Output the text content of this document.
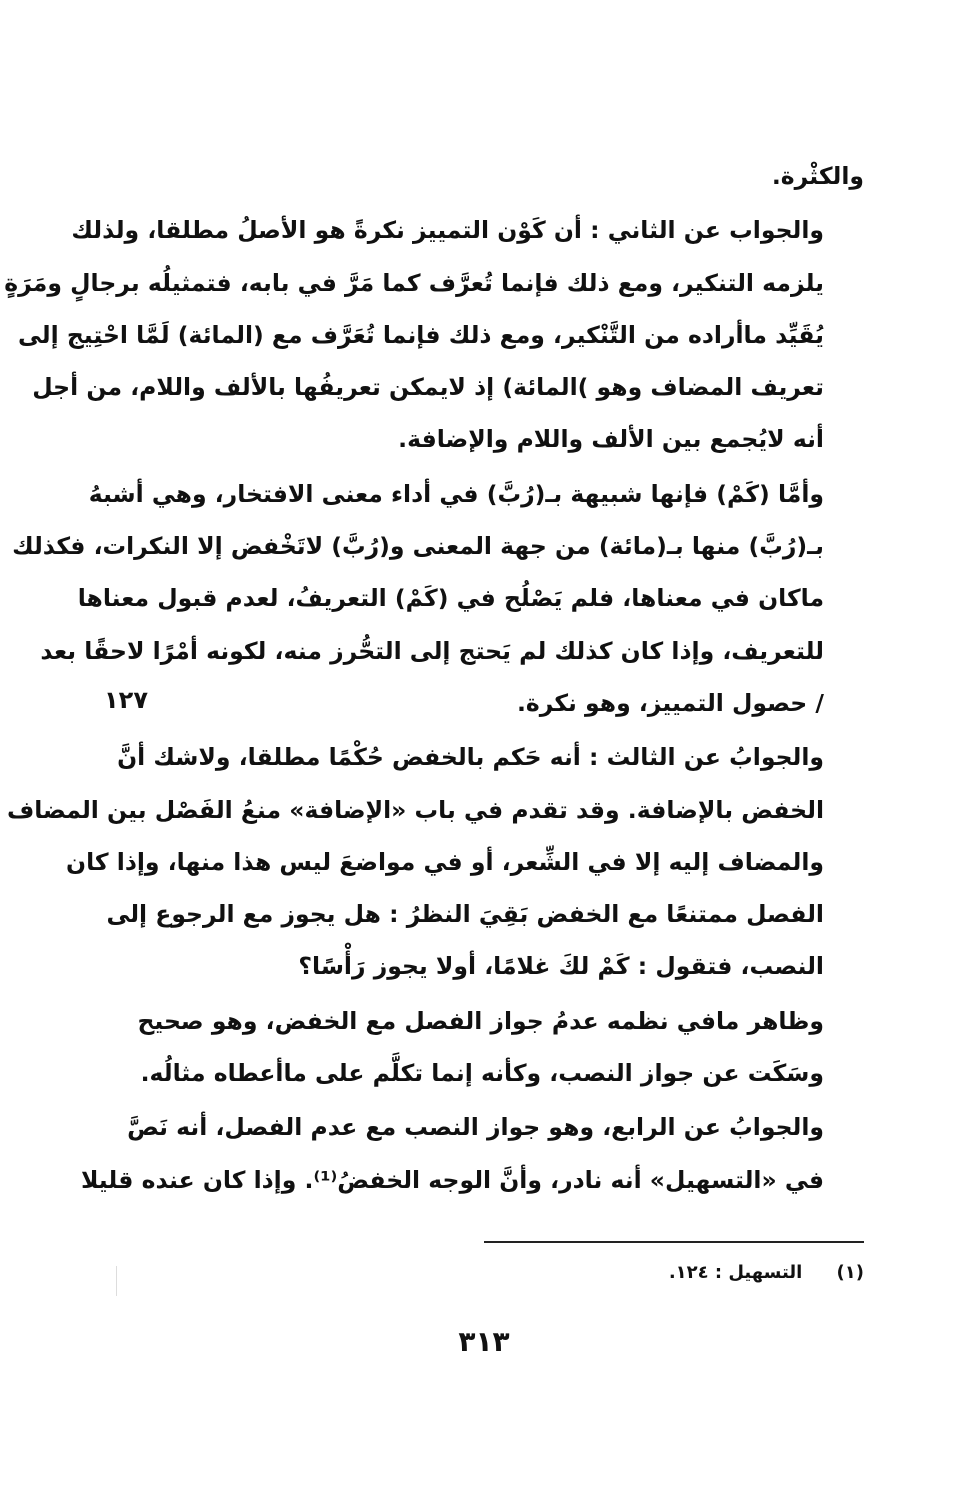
والكثْرة.
والجواب عن الثاني : أن كَوْن التمييز نكرةً هو الأصلُ مطلقا، ولذلك
يلزمه التنكير، ومع ذلك فإنما تُعرَّف كما مَرَّ في بابه، فتمثيلُه برجالٍ ومَرَةٍ
يُقَيِّد ماأراده من التَّنْكير، ومع ذلك فإنما تُعَرَّف مع (المائة) لَمَّا احْتِيج إلى
تعريف المضاف وهو )المائة) إذ لايمكن تعريفُها بالألف واللام، من أجل
أنه لايُجمع بين الألف واللام والإضافة.
وأمَّا (كَمْ) فإنها شبيهة بـ(رُبَّ) في أداء معنى الافتخار، وهي أشبهُ
بـ(رُبَّ) منها بـ(مائة) من جهة المعنى و(رُبَّ) لاتَخْفض إلا النكرات، فكذلك
ماكان في معناها، فلم يَصْلُح في (كَمْ) التعريفُ، لعدم قبول معناها
للتعريف، وإذا كان كذلك لم يَحتج إلى التحُّرز منه، لكونه أمْرًا لاحقًا بعد
/ حصول التمييز، وهو نكرة.
والجوابُ عن الثالث : أنه حَكم بالخفض حُكْمًا مطلقا، ولاشك أنَّ
الخفض بالإضافة. وقد تقدم في باب «الإضافة» منعُ الفَصْل بين المضاف
والمضاف إليه إلا في الشِّعر، أو في مواضعَ ليس هذا منها، وإذا كان
الفصل ممتنعًا مع الخفض بَقِيَ النظرُ : هل يجوز مع الرجوع إلى
النصب، فتقول : كَمْ لكَ غلامًا، أولا يجوز رَأْسًا؟
وظاهر مافي نظمه عدمُ جواز الفصل مع الخفض، وهو صحيح
وسَكَت عن جواز النصب، وكأنه إنما تكلَّم على ماأعطاه مثالُه.
والجوابُ عن الرابع، وهو جواز النصب مع عدم الفصل، أنه نَصَّ
في «التسهيل» أنه نادر، وأنَّ الوجه الخفضُ⁽¹⁾. وإذا كان عنده قليلا
١٢٧
(١) التسهيل : ١٢٤.
٣١٣
